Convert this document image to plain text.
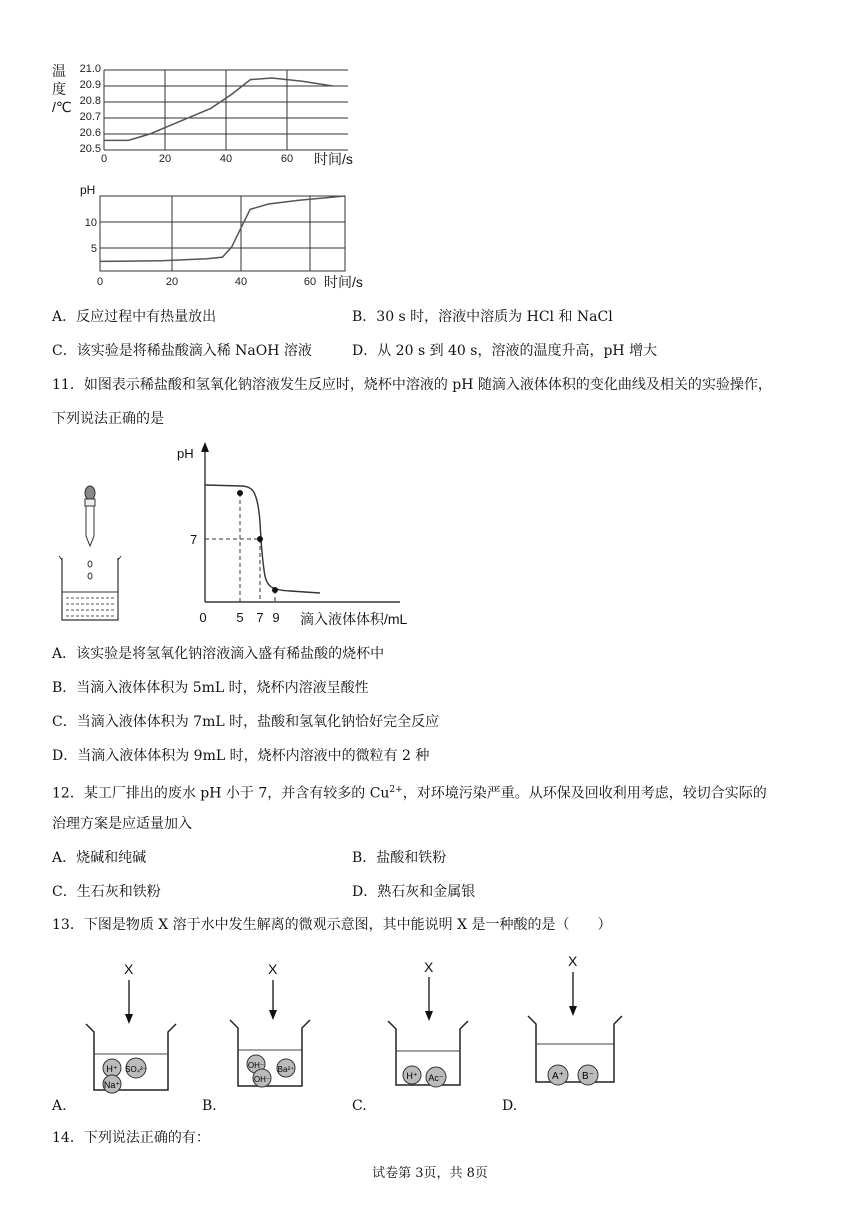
温
度
/℃
21.0
20.9
20.8
20.7
20.6
20.5
0	20	40	60 时间/s
pH
10
5
0	20	40	60 时间/s
A．反应过程中有热量放出	B．30 s 时，溶液中溶质为 HCl 和 NaCl
C．该实验是将稀盐酸滴入稀 NaOH 溶液	D．从 20 s 到 40 s，溶液的温度升高，pH 增大
11．如图表示稀盐酸和氢氧化钠溶液发生反应时，烧杯中溶液的 pH 随滴入液体体积的变化曲线及相关的实验操作，
下列说法正确的是
pH
7
0 5 7 9 滴入液体体积/mL
A．该实验是将氢氧化钠溶液滴入盛有稀盐酸的烧杯中
B．当滴入液体体积为 5mL 时，烧杯内溶液呈酸性
C．当滴入液体体积为 7mL 时，盐酸和氢氧化钠恰好完全反应
D．当滴入液体体积为 9mL 时，烧杯内溶液中的微粒有 2 种
12．某工厂排出的废水 pH 小于 7，并含有较多的 $Cu^{2+}$，对环境污染严重。从环保及回收利用考虑，较切合实际的
治理方案是应适量加入
A．烧碱和纯碱	B．盐酸和铁粉
C．生石灰和铁粉	D．熟石灰和金属银
13．下图是物质 X 溶于水中发生解离的微观示意图，其中能说明 X 是一种酸的是（　　）
X
H⁺ SO₄²⁻
Na⁺
A.
X
OH⁻ Ba²⁺
OH⁻
B.
X
H⁺ Ac⁻
C.
X
A⁺ B⁻
D.
14．下列说法正确的有：
试卷第 3页，共 8页
